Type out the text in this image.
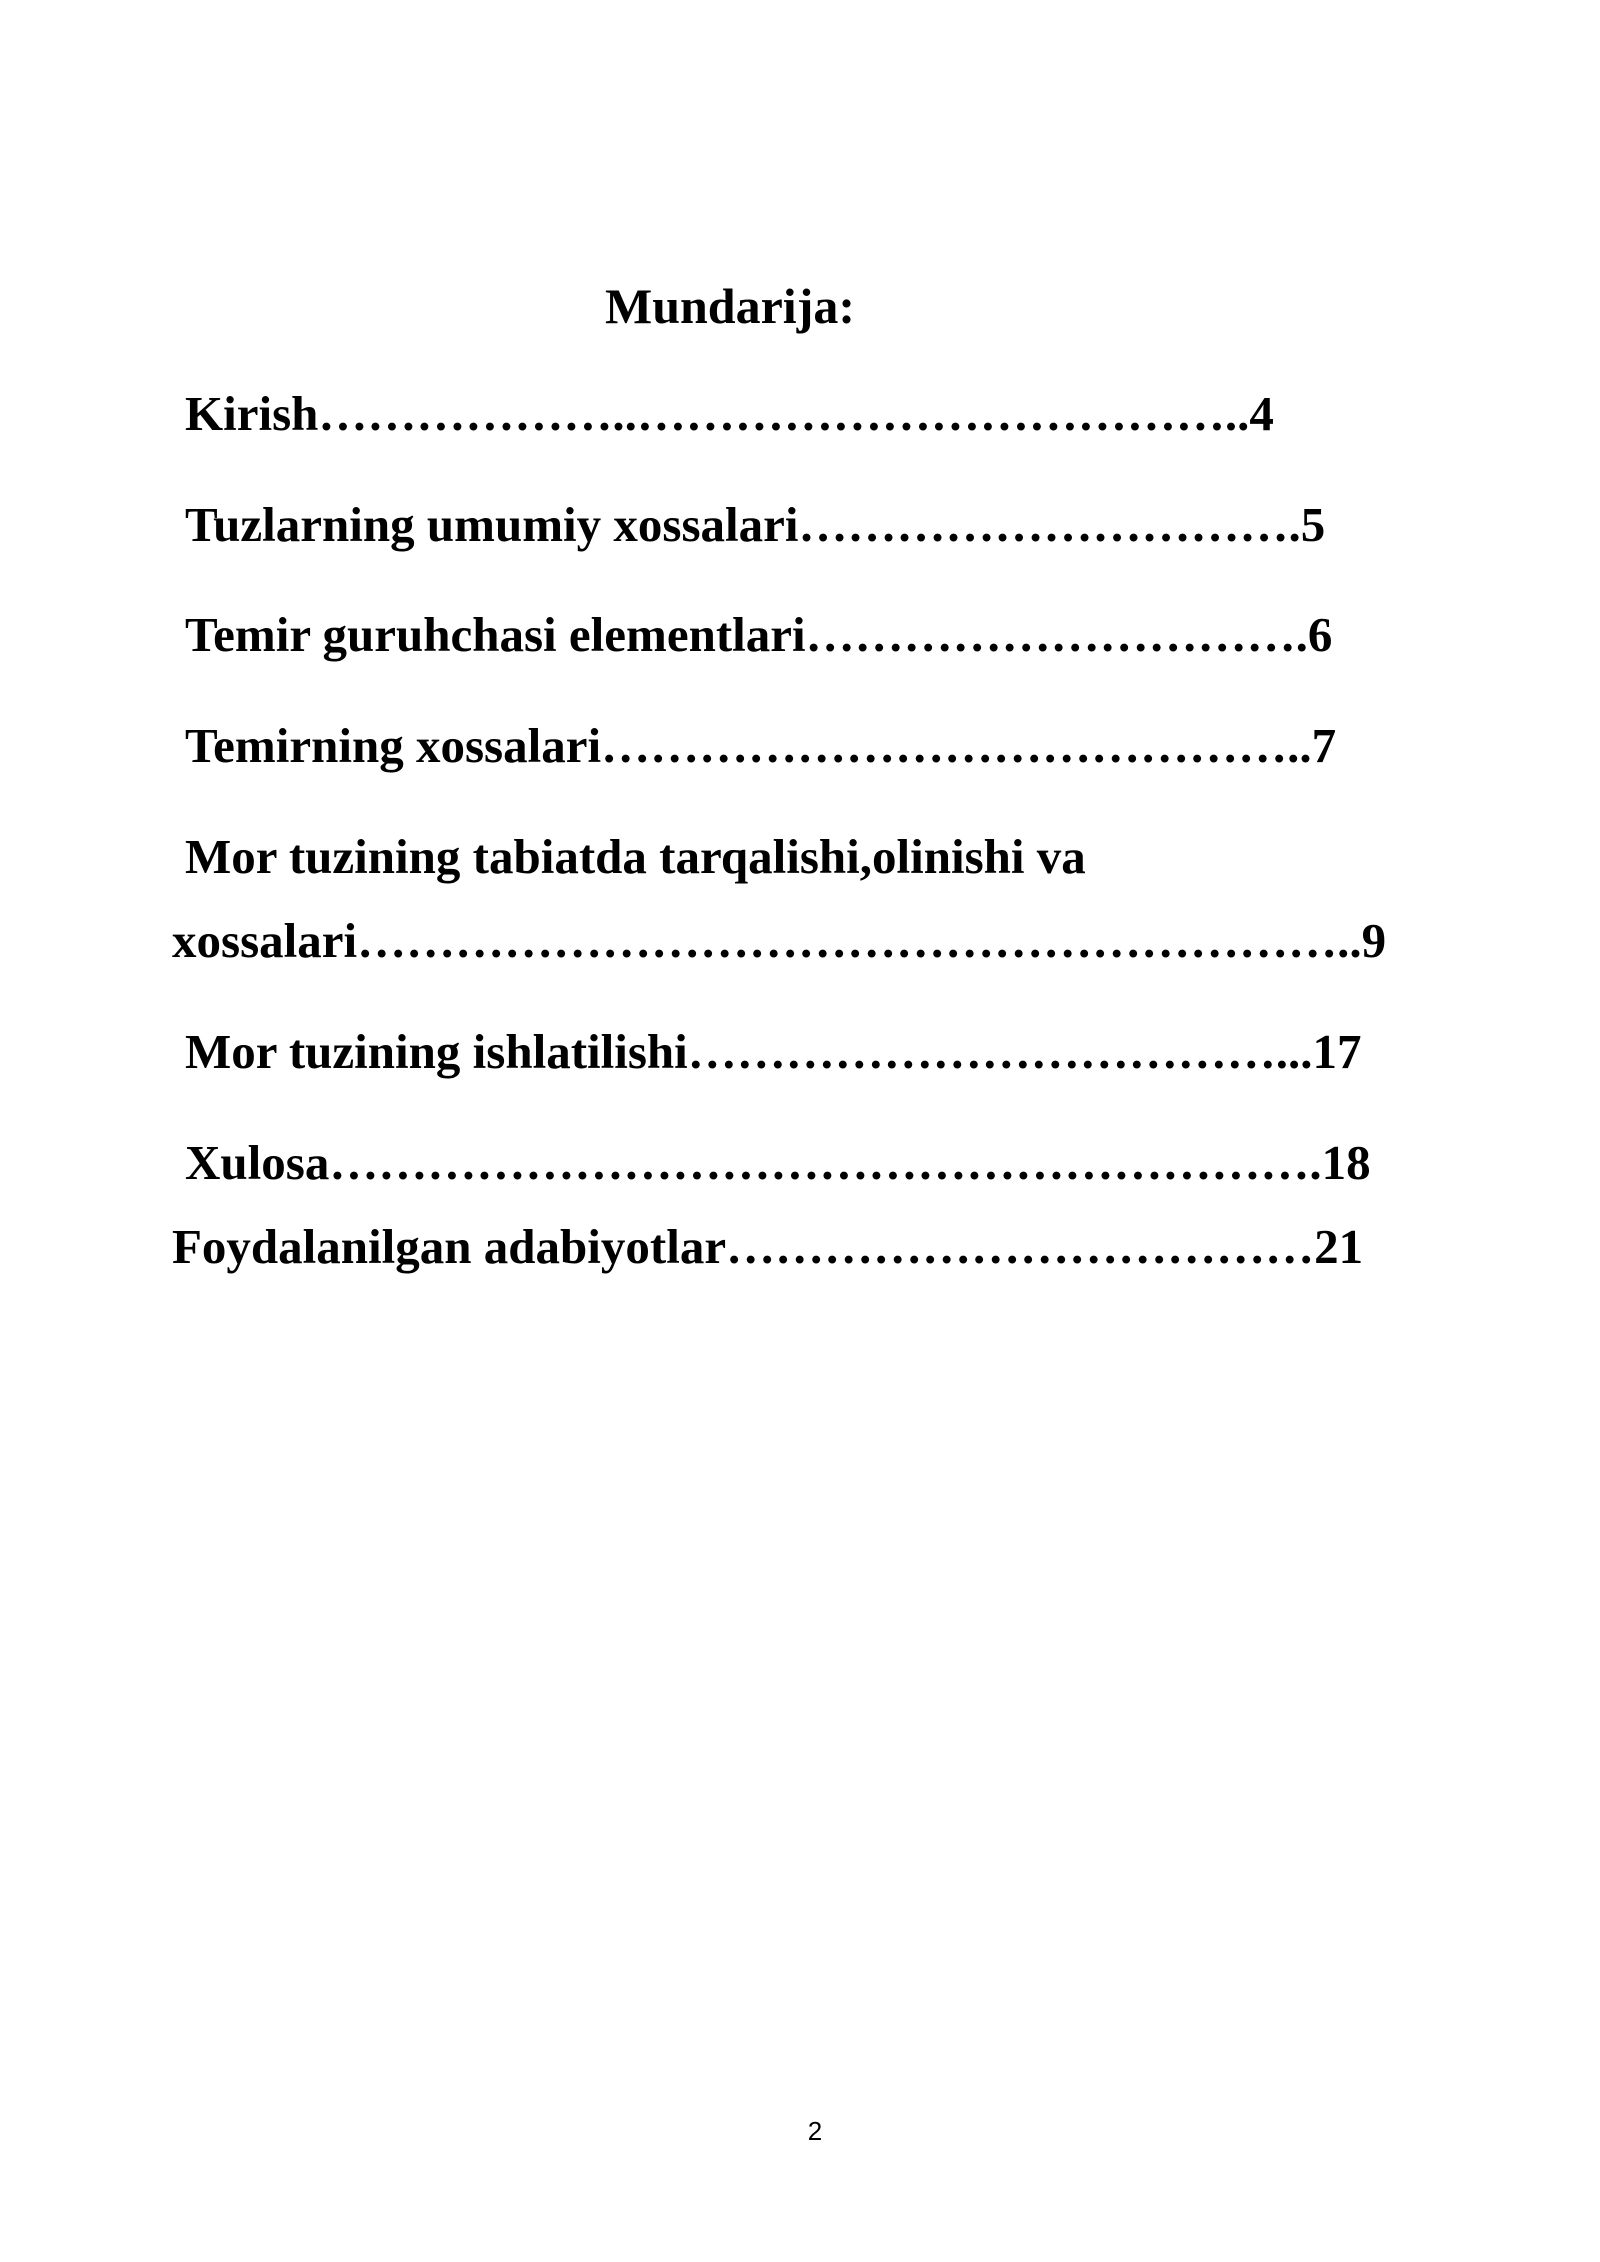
Mundarija:
Kirish………………..………………………………..4
Tuzlarning umumiy xossalari………………………….5
Temir guruhchasi elementlari………………………….6
Temirning xossalari……………………………………..7
Mor tuzining tabiatda tarqalishi,olinishi va
xossalari……………………………………………………..9
Mor tuzining ishlatilishi………………………………...17
Xulosa…………………………………………………….18
Foydalanilgan adabiyotlar………………………………21
2
